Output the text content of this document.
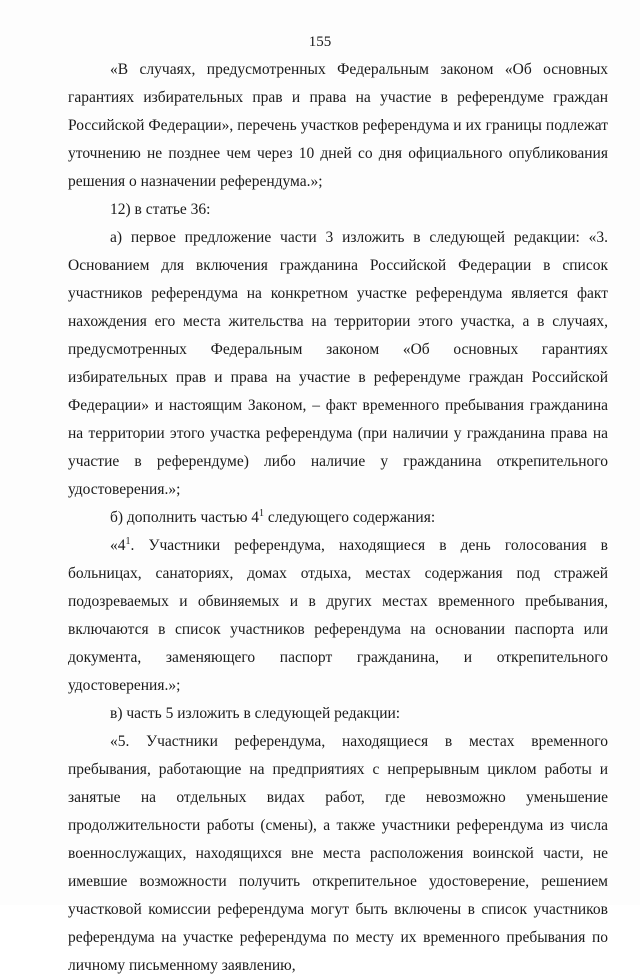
155

«В случаях, предусмотренных Федеральным законом «Об основных гарантиях избирательных прав и права на участие в референдуме граждан Российской Федерации», перечень участков референдума и их границы подлежат уточнению не позднее чем через 10 дней со дня официального опубликования решения о назначении референдума.»;

12) в статье 36:

а) первое предложение части 3 изложить в следующей редакции: «3. Основанием для включения гражданина Российской Федерации в список участников референдума на конкретном участке референдума является факт нахождения его места жительства на территории этого участка, а в случаях, предусмотренных Федеральным законом «Об основных гарантиях избирательных прав и права на участие в референдуме граждан Российской Федерации» и настоящим Законом, – факт временного пребывания гражданина на территории этого участка референдума (при наличии у гражданина права на участие в референдуме) либо наличие у гражданина открепительного удостоверения.»;

б) дополнить частью $4^1$ следующего содержания:

«$4^1$. Участники референдума, находящиеся в день голосования в больницах, санаториях, домах отдыха, местах содержания под стражей подозреваемых и обвиняемых и в других местах временного пребывания, включаются в список участников референдума на основании паспорта или документа, заменяющего паспорт гражданина, и открепительного удостоверения.»;

в) часть 5 изложить в следующей редакции:

«5. Участники референдума, находящиеся в местах временного пребывания, работающие на предприятиях с непрерывным циклом работы и занятые на отдельных видах работ, где невозможно уменьшение продолжительности работы (смены), а также участники референдума из числа военнослужащих, находящихся вне места расположения воинской части, не имевшие возможности получить открепительное удостоверение, решением участковой комиссии референдума могут быть включены в список участников референдума на участке референдума по месту их временного пребывания по личному письменному заявлению,
